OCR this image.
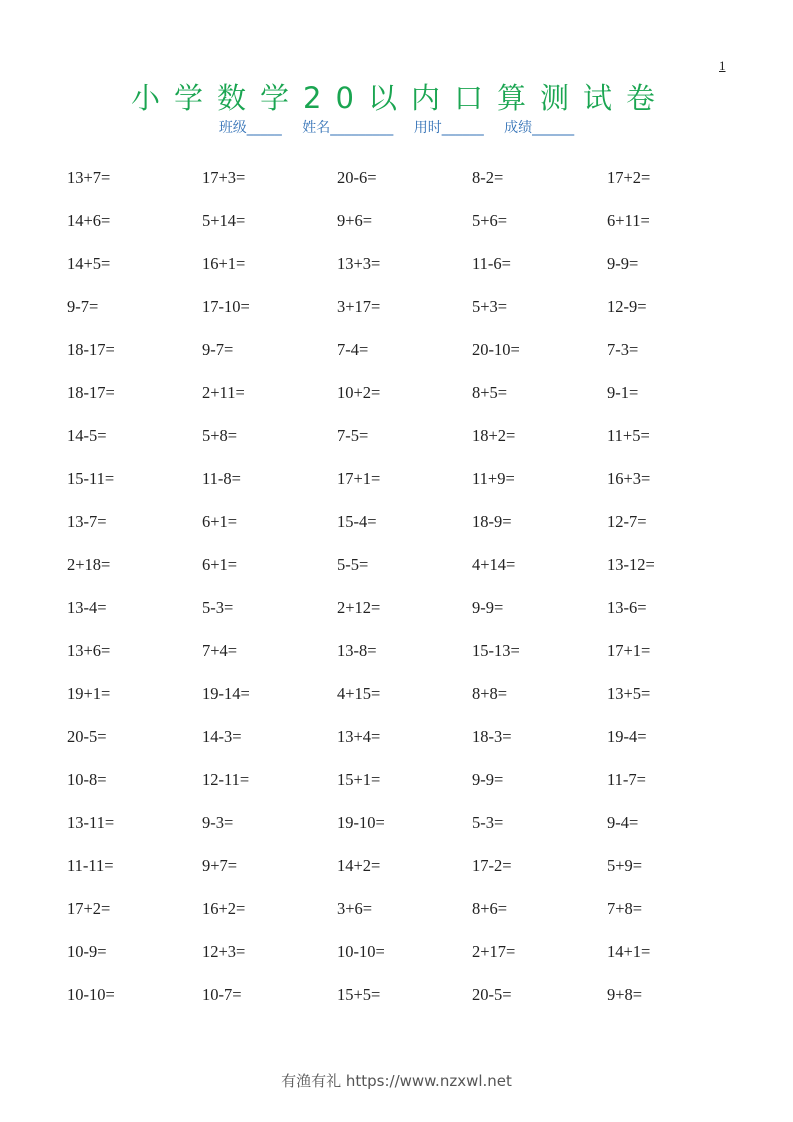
1
小学数学20以内口算测试卷
班级_____ 姓名_________ 用时______ 成绩______
13+7=	17+3=	20-6=	8-2=	17+2=
14+6=	5+14=	9+6=	5+6=	6+11=
14+5=	16+1=	13+3=	11-6=	9-9=
9-7=	17-10=	3+17=	5+3=	12-9=
18-17=	9-7=	7-4=	20-10=	7-3=
18-17=	2+11=	10+2=	8+5=	9-1=
14-5=	5+8=	7-5=	18+2=	11+5=
15-11=	11-8=	17+1=	11+9=	16+3=
13-7=	6+1=	15-4=	18-9=	12-7=
2+18=	6+1=	5-5=	4+14=	13-12=
13-4=	5-3=	2+12=	9-9=	13-6=
13+6=	7+4=	13-8=	15-13=	17+1=
19+1=	19-14=	4+15=	8+8=	13+5=
20-5=	14-3=	13+4=	18-3=	19-4=
10-8=	12-11=	15+1=	9-9=	11-7=
13-11=	9-3=	19-10=	5-3=	9-4=
11-11=	9+7=	14+2=	17-2=	5+9=
17+2=	16+2=	3+6=	8+6=	7+8=
10-9=	12+3=	10-10=	2+17=	14+1=
10-10=	10-7=	15+5=	20-5=	9+8=
有渔有礼 https://www.nzxwl.net
